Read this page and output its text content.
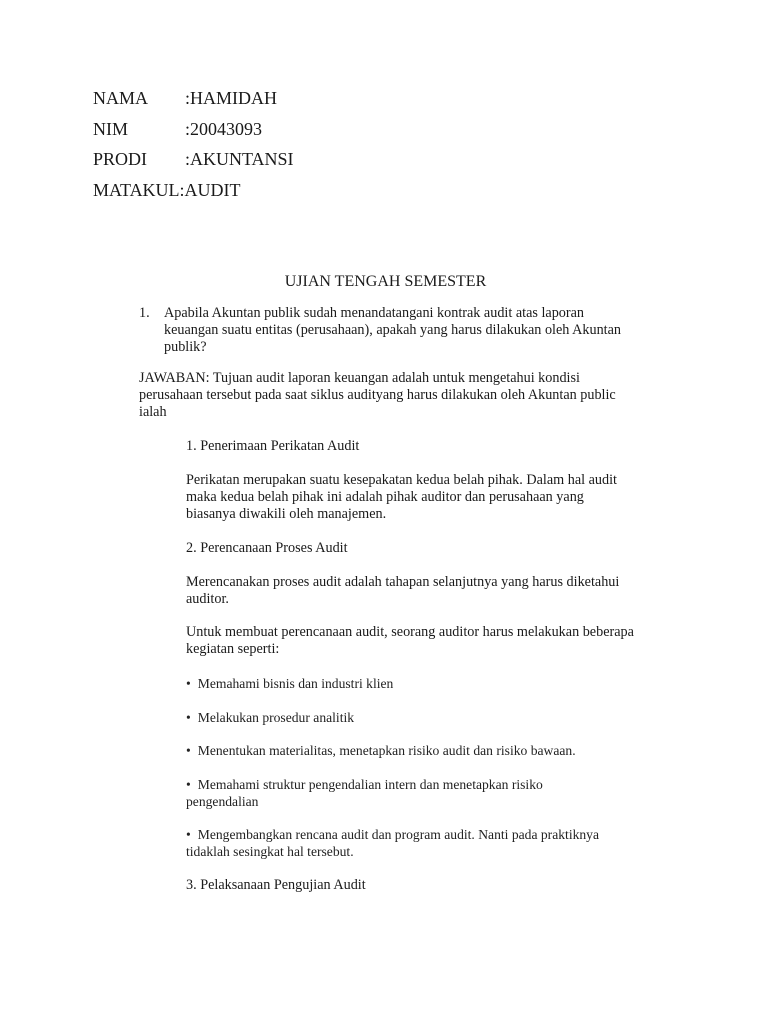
NAMA :HAMIDAH
NIM	:20043093
PRODI :AKUNTANSI
MATAKUL:AUDIT
UJIAN TENGAH SEMESTER
1. Apabila Akuntan publik sudah menandatangani kontrak audit atas laporan
keuangan suatu entitas (perusahaan), apakah yang harus dilakukan oleh Akuntan
publik?
JAWABAN: Tujuan audit laporan keuangan adalah untuk mengetahui kondisi
perusahaan tersebut pada saat siklus audityang harus dilakukan oleh Akuntan public
ialah
1. Penerimaan Perikatan Audit
Perikatan merupakan suatu kesepakatan kedua belah pihak. Dalam hal audit
maka kedua belah pihak ini adalah pihak auditor dan perusahaan yang
biasanya diwakili oleh manajemen.
2. Perencanaan Proses Audit
Merencanakan proses audit adalah tahapan selanjutnya yang harus diketahui
auditor.
Untuk membuat perencanaan audit, seorang auditor harus melakukan beberapa
kegiatan seperti:
• Memahami bisnis dan industri klien
• Melakukan prosedur analitik
• Menentukan materialitas, menetapkan risiko audit dan risiko bawaan.
• Memahami struktur pengendalian intern dan menetapkan risiko
pengendalian
• Mengembangkan rencana audit dan program audit. Nanti pada praktiknya
tidaklah sesingkat hal tersebut.
3. Pelaksanaan Pengujian Audit
